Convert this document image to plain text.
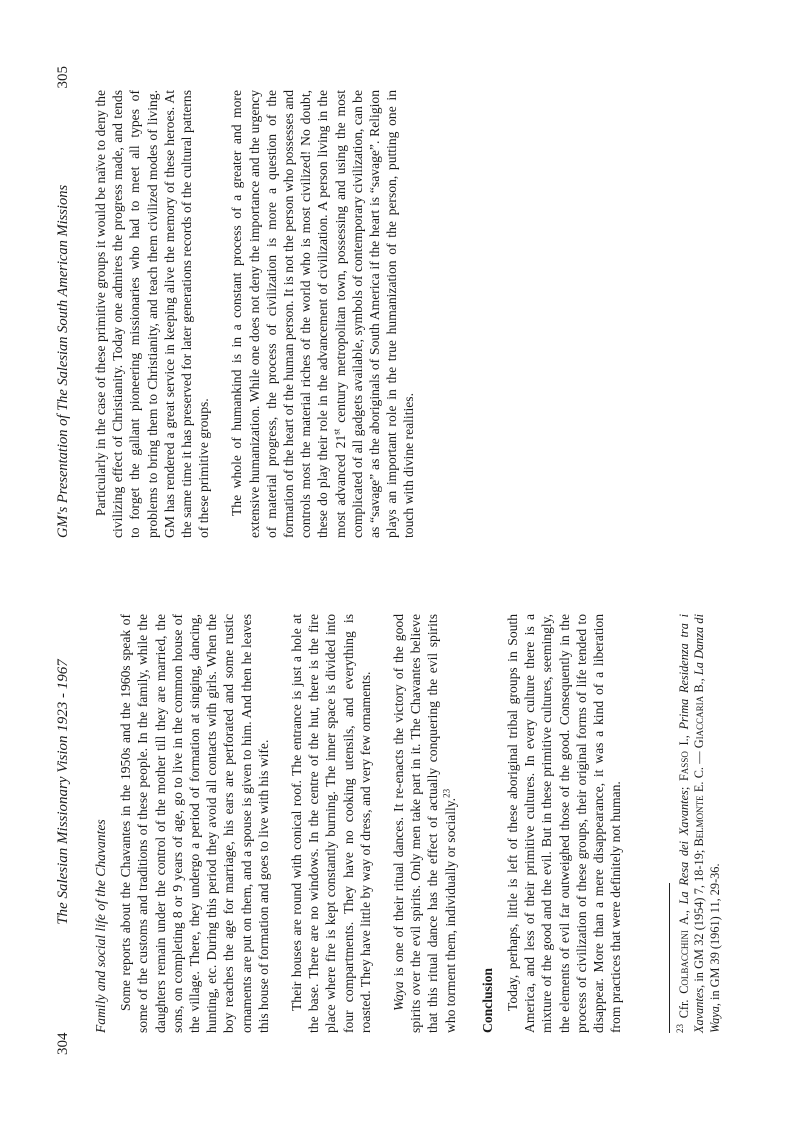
304
The Salesian Missionary Vision 1923 - 1967

Family and social life of the Chavantes Some reports about the Chavantes in the 1950s and the 1960s speak of some of the customs and traditions of these people. In the family, while the daughters remain under the control of the mother till they are married, the sons, on completing 8 or 9 years of age, go to live in the common house of the village. There, they undergo a period of formation at singing, dancing, hunting, etc. During this period they avoid all contacts with girls. When the boy reaches the age for marriage, his ears are perforated and some rustic ornaments are put on them, and a spouse is given to him. And then he leaves this house of formation and goes to live with his wife. Their houses are round with conical roof. The entrance is just a hole at the base. There are no windows. In the centre of the hut, there is the fire place where fire is kept constantly burning. The inner space is divided into four compartments. They have no cooking utensils, and everything is roasted. They have little by way of dress, and very few ornaments. Waya is one of their ritual dances. It re-enacts the victory of the good spirits over the evil spirits. Only men take part in it. The Chavantes believe that this ritual dance has the effect of actually conquering the evil spirits who torment them, individually or socially.$^{23}$

Conclusion Today, perhaps, little is left of these aboriginal tribal groups in South America, and less of their primitive cultures. In every culture there is a mixture of the good and the evil. But in these primitive cultures, seemingly, the elements of evil far outweighed those of the good. Consequently in the process of civilization of these groups, their original forms of life tended to disappear. More than a mere disappearance, it was a kind of a liberation from practices that were definitely not human.	$^{23}$ Cfr. Colbacchini A., La Resa dei Xavantes; Fasso I., Prima Residenza tra i Xavantes, in GM 32 (1954) 7, 18-19; Belmonte E. C. — Giaccaria B., La Danza di Waya, in GM 39 (1961) 11, 29-36.
GM's Presentation of The Salesian South American Missions
305

Particularly in the case of these primitive groups it would be naïve to deny the civilizing effect of Christianity. Today one admires the progress made, and tends to forget the gallant pioneering missionaries who had to meet all types of problems to bring them to Christianity, and teach them civilized modes of living. GM has rendered a great service in keeping alive the memory of these heroes. At the same time it has preserved for later generations records of the cultural patterns of these primitive groups. The whole of humankind is in a constant process of a greater and more extensive humanization. While one does not deny the importance and the urgency of material progress, the process of civilization is more a question of the formation of the heart of the human person. It is not the person who possesses and controls most the material riches of the world who is most civilized! No doubt, these do play their role in the advancement of civilization. A person living in the most advanced 21st century metropolitan town, possessing and using the most complicated of all gadgets available, symbols of contemporary civilization, can be as “savage” as the aboriginals of South America if the heart is “savage”. Religion plays an important role in the true humanization of the person, putting one in touch with divine realities.
